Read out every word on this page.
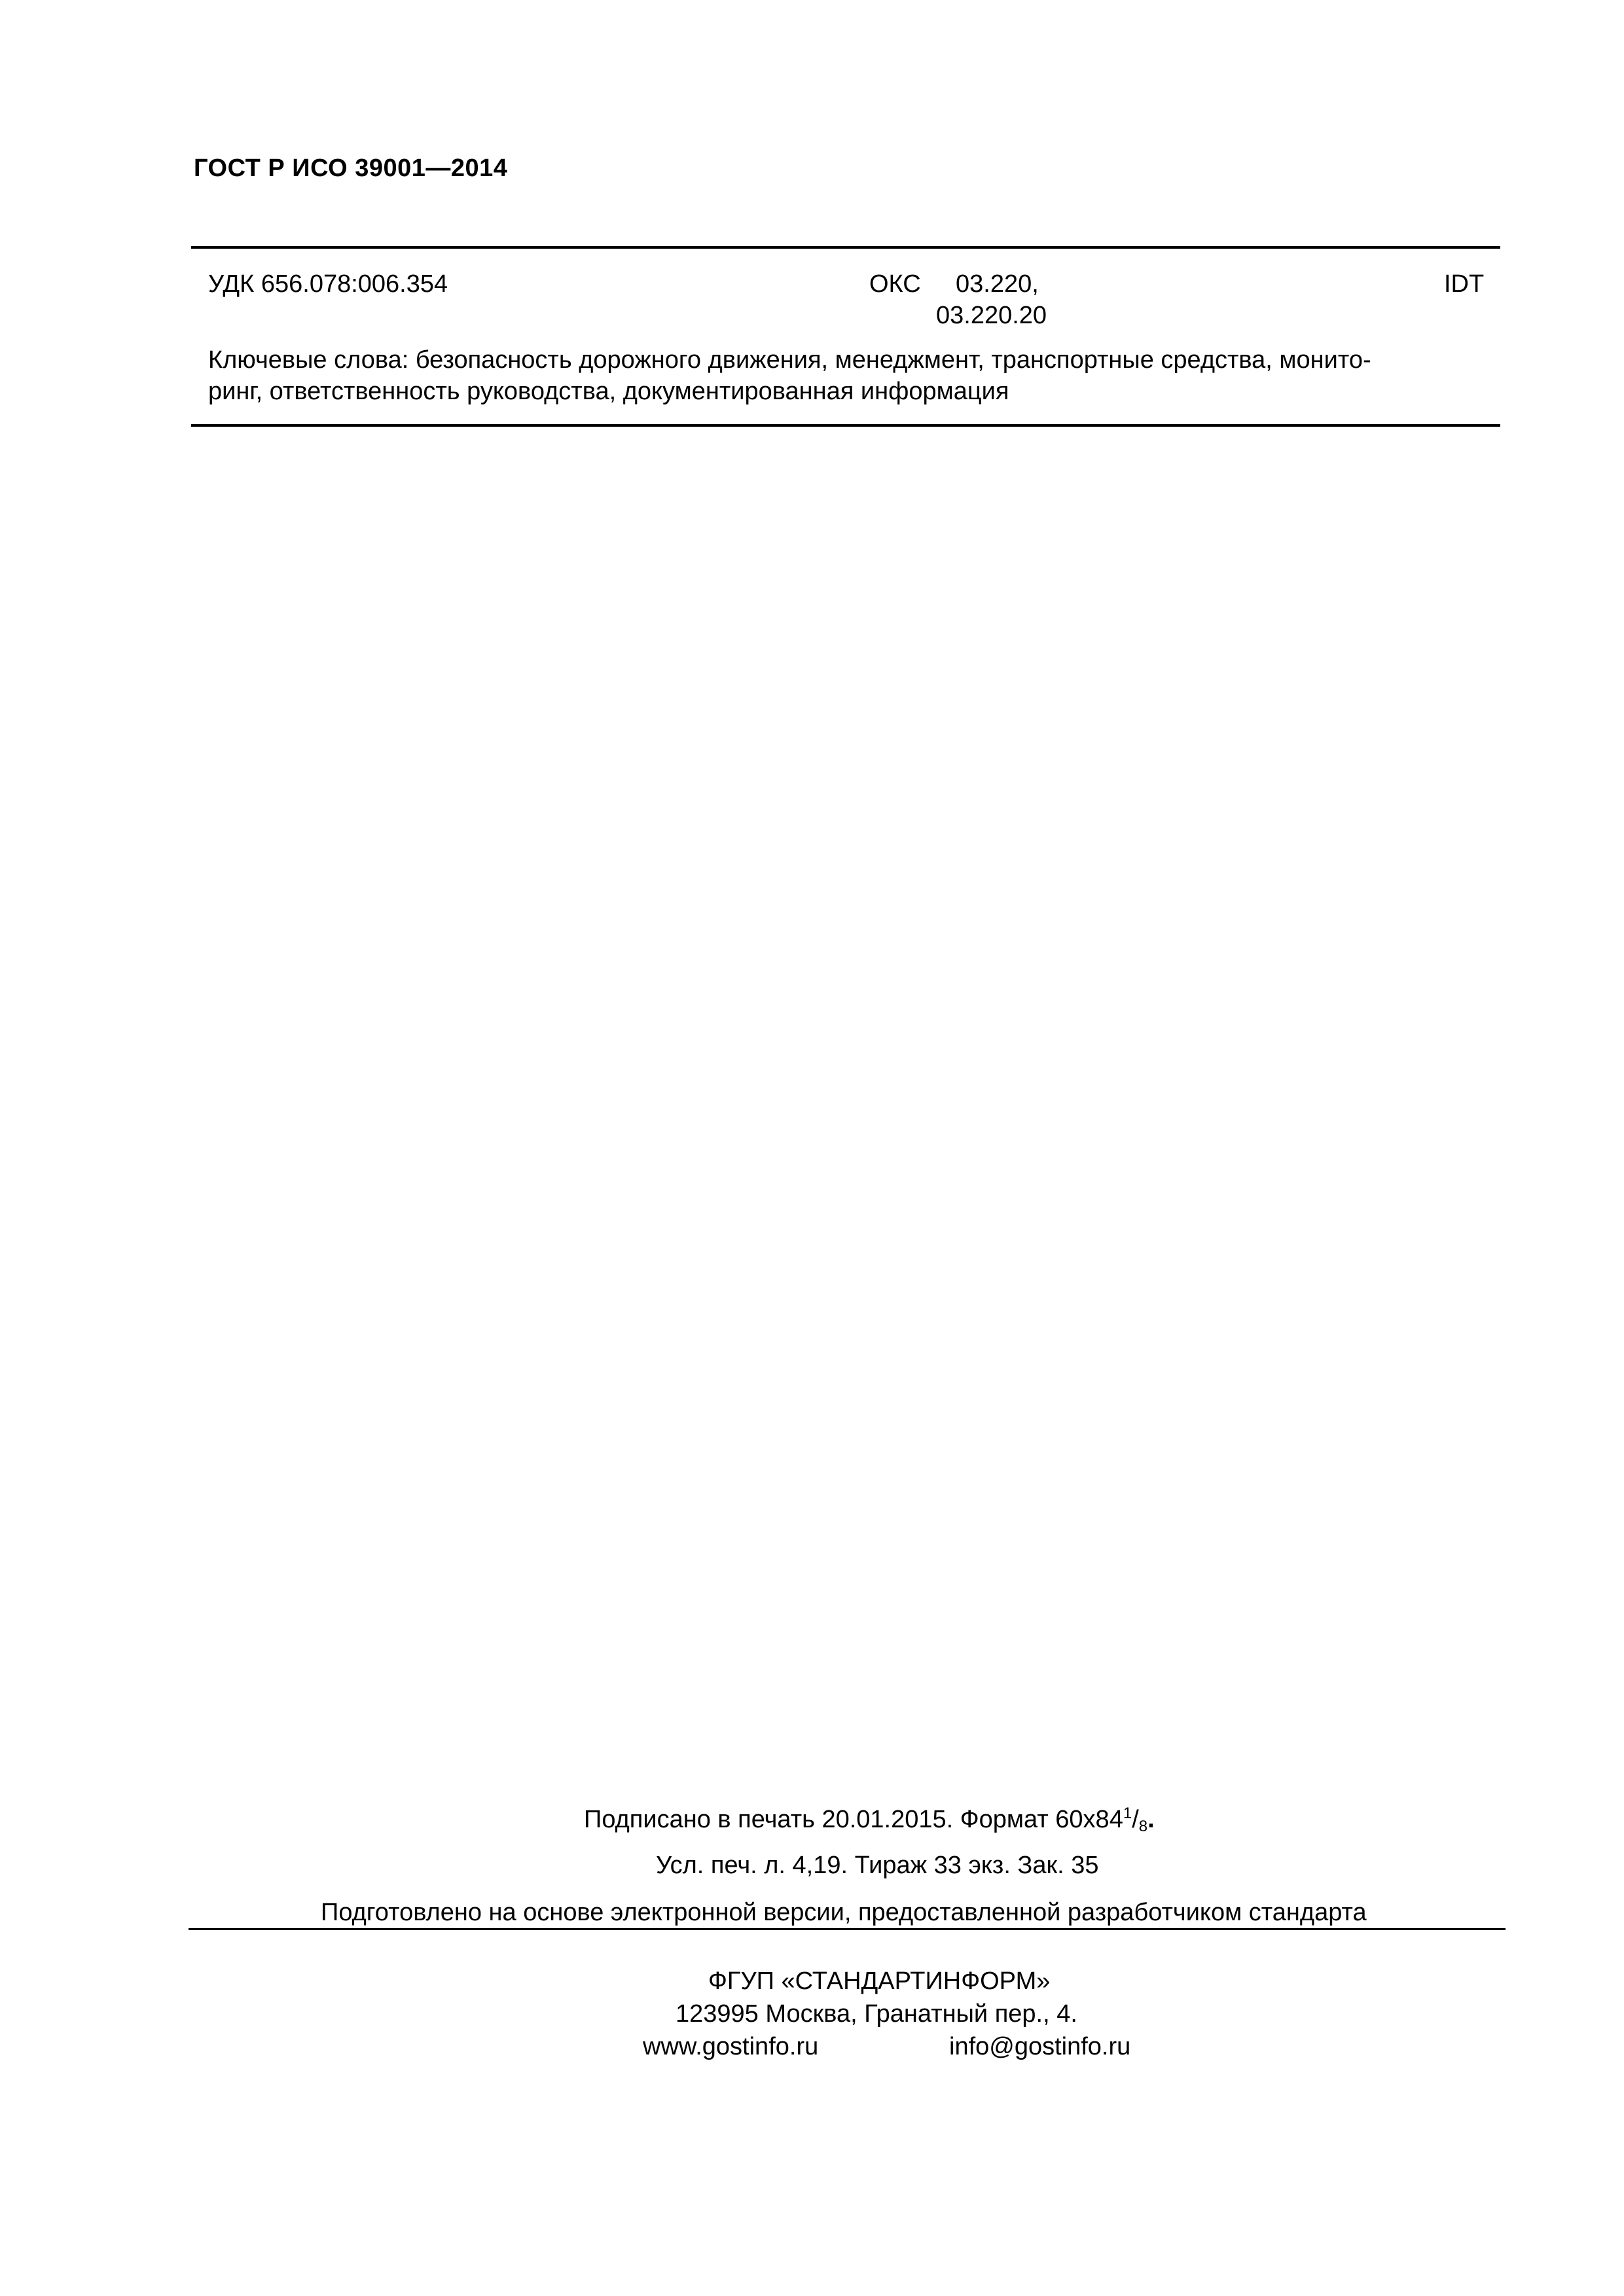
ГОСТ Р ИСО 39001—2014
УДК 656.078:006.354	ОКС 03.220,
03.220.20
IDT
Ключевые слова: безопасность дорожного движения, менеджмент, транспортные средства, монито-
ринг, ответственность руководства, документированная информация
Подписано в печать 20.01.2015. Формат $60x84^1/_8$.
Усл. печ. л. 4,19. Тираж 33 экз. Зак. 35
Подготовлено на основе электронной версии, предоставленной разработчиком стандарта
ФГУП «СТАНДАРТИНФОРМ»
123995 Москва, Гранатный пер., 4.
www.gostinfo.ru	info@gostinfo.ru
